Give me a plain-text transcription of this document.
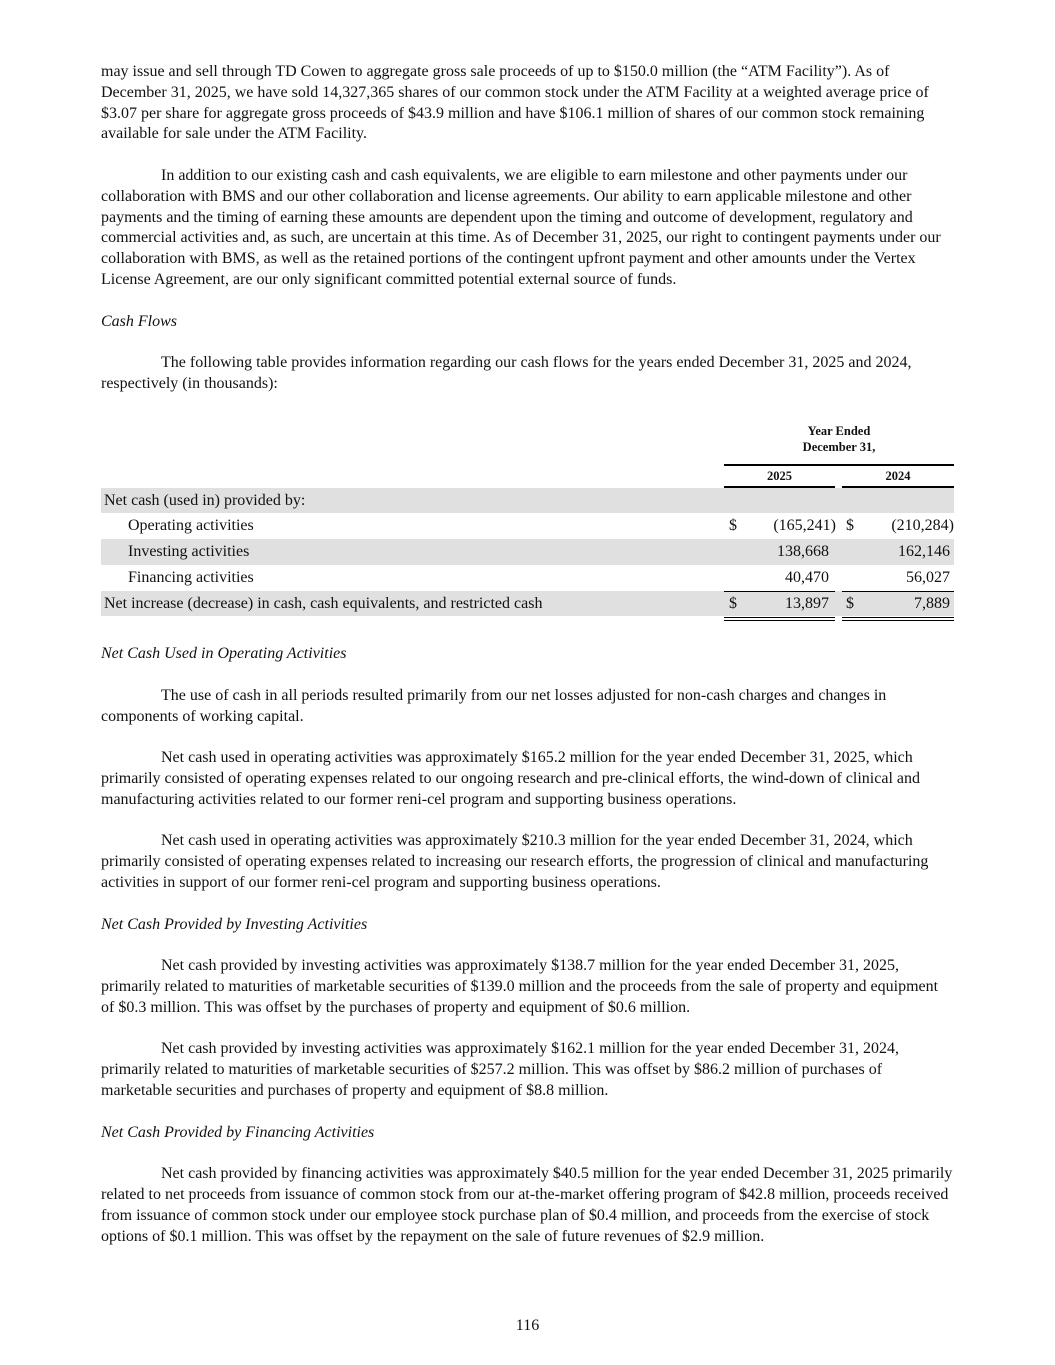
may issue and sell through TD Cowen to aggregate gross sale proceeds of up to $150.0 million (the “ATM Facility”). As of December 31, 2025, we have sold 14,327,365 shares of our common stock under the ATM Facility at a weighted average price of $3.07 per share for aggregate gross proceeds of $43.9 million and have $106.1 million of shares of our common stock remaining available for sale under the ATM Facility.

In addition to our existing cash and cash equivalents, we are eligible to earn milestone and other payments under our collaboration with BMS and our other collaboration and license agreements. Our ability to earn applicable milestone and other payments and the timing of earning these amounts are dependent upon the timing and outcome of development, regulatory and commercial activities and, as such, are uncertain at this time. As of December 31, 2025, our right to contingent payments under our collaboration with BMS, as well as the retained portions of the contingent upfront payment and other amounts under the Vertex License Agreement, are our only significant committed potential external source of funds.

Cash Flows

The following table provides information regarding our cash flows for the years ended December 31, 2025 and 2024, respectively (in thousands):

Year Ended
December 31,
2025	2024
Net cash (used in) provided by:
Operating activities	$	(165,241) $	(210,284)
Investing activities	138,668	162,146
Financing activities	40,470	56,027
Net increase (decrease) in cash, cash equivalents, and restricted cash	$	13,897 $	7,889

Net Cash Used in Operating Activities

The use of cash in all periods resulted primarily from our net losses adjusted for non-cash charges and changes in components of working capital.

Net cash used in operating activities was approximately $165.2 million for the year ended December 31, 2025, which primarily consisted of operating expenses related to our ongoing research and pre-clinical efforts, the wind-down of clinical and manufacturing activities related to our former reni-cel program and supporting business operations.

Net cash used in operating activities was approximately $210.3 million for the year ended December 31, 2024, which primarily consisted of operating expenses related to increasing our research efforts, the progression of clinical and manufacturing activities in support of our former reni-cel program and supporting business operations.

Net Cash Provided by Investing Activities

Net cash provided by investing activities was approximately $138.7 million for the year ended December 31, 2025, primarily related to maturities of marketable securities of $139.0 million and the proceeds from the sale of property and equipment of $0.3 million. This was offset by the purchases of property and equipment of $0.6 million.

Net cash provided by investing activities was approximately $162.1 million for the year ended December 31, 2024, primarily related to maturities of marketable securities of $257.2 million. This was offset by $86.2 million of purchases of marketable securities and purchases of property and equipment of $8.8 million.

Net Cash Provided by Financing Activities

Net cash provided by financing activities was approximately $40.5 million for the year ended December 31, 2025 primarily related to net proceeds from issuance of common stock from our at-the-market offering program of $42.8 million, proceeds received from issuance of common stock under our employee stock purchase plan of $0.4 million, and proceeds from the exercise of stock options of $0.1 million. This was offset by the repayment on the sale of future revenues of $2.9 million.

116
